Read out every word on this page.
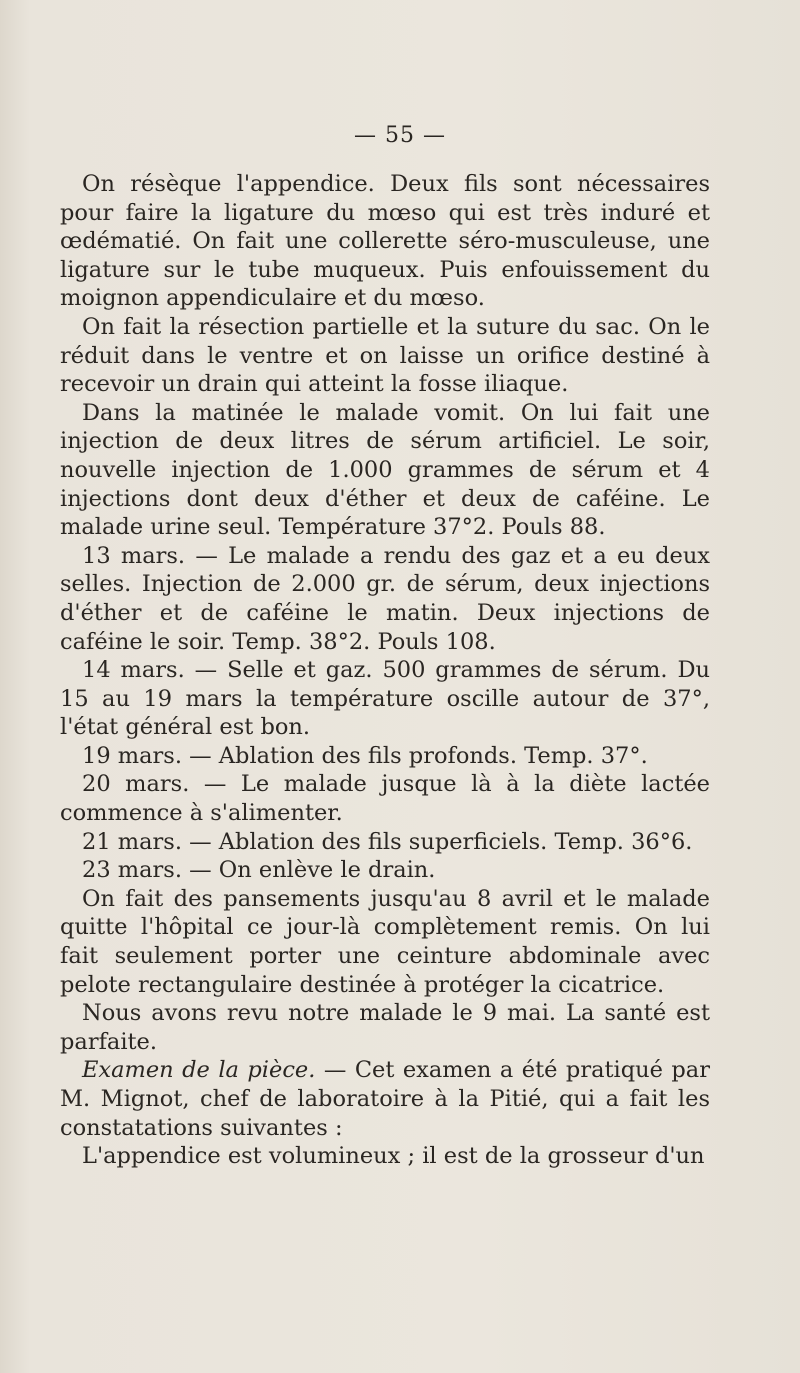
— 55 —

On résèque l'appendice. Deux fils sont nécessaires pour faire la ligature du mœso qui est très induré et œdématié. On fait une collerette séro-musculeuse, une ligature sur le tube muqueux. Puis enfouissement du moignon appendiculaire et du mœso.

On fait la résection partielle et la suture du sac. On le réduit dans le ventre et on laisse un orifice destiné à recevoir un drain qui atteint la fosse iliaque.

Dans la matinée le malade vomit. On lui fait une injection de deux litres de sérum artificiel. Le soir, nouvelle injection de 1.000 grammes de sérum et 4 injections dont deux d'éther et deux de caféine. Le malade urine seul. Température 37°2. Pouls 88.

13 mars. — Le malade a rendu des gaz et a eu deux selles. Injection de 2.000 gr. de sérum, deux injections d'éther et de caféine le matin. Deux injections de caféine le soir. Temp. 38°2. Pouls 108.

14 mars. — Selle et gaz. 500 grammes de sérum. Du 15 au 19 mars la température oscille autour de 37°, l'état général est bon.

19 mars. — Ablation des fils profonds. Temp. 37°.

20 mars. — Le malade jusque là à la diète lactée commence à s'alimenter.

21 mars. — Ablation des fils superficiels. Temp. 36°6.

23 mars. — On enlève le drain.

On fait des pansements jusqu'au 8 avril et le malade quitte l'hôpital ce jour-là complètement remis. On lui fait seulement porter une ceinture abdominale avec pelote rectangulaire destinée à protéger la cicatrice.

Nous avons revu notre malade le 9 mai. La santé est parfaite.

Examen de la pièce. — Cet examen a été pratiqué par M. Mignot, chef de laboratoire à la Pitié, qui a fait les constatations suivantes :

L'appendice est volumineux ; il est de la grosseur d'un
